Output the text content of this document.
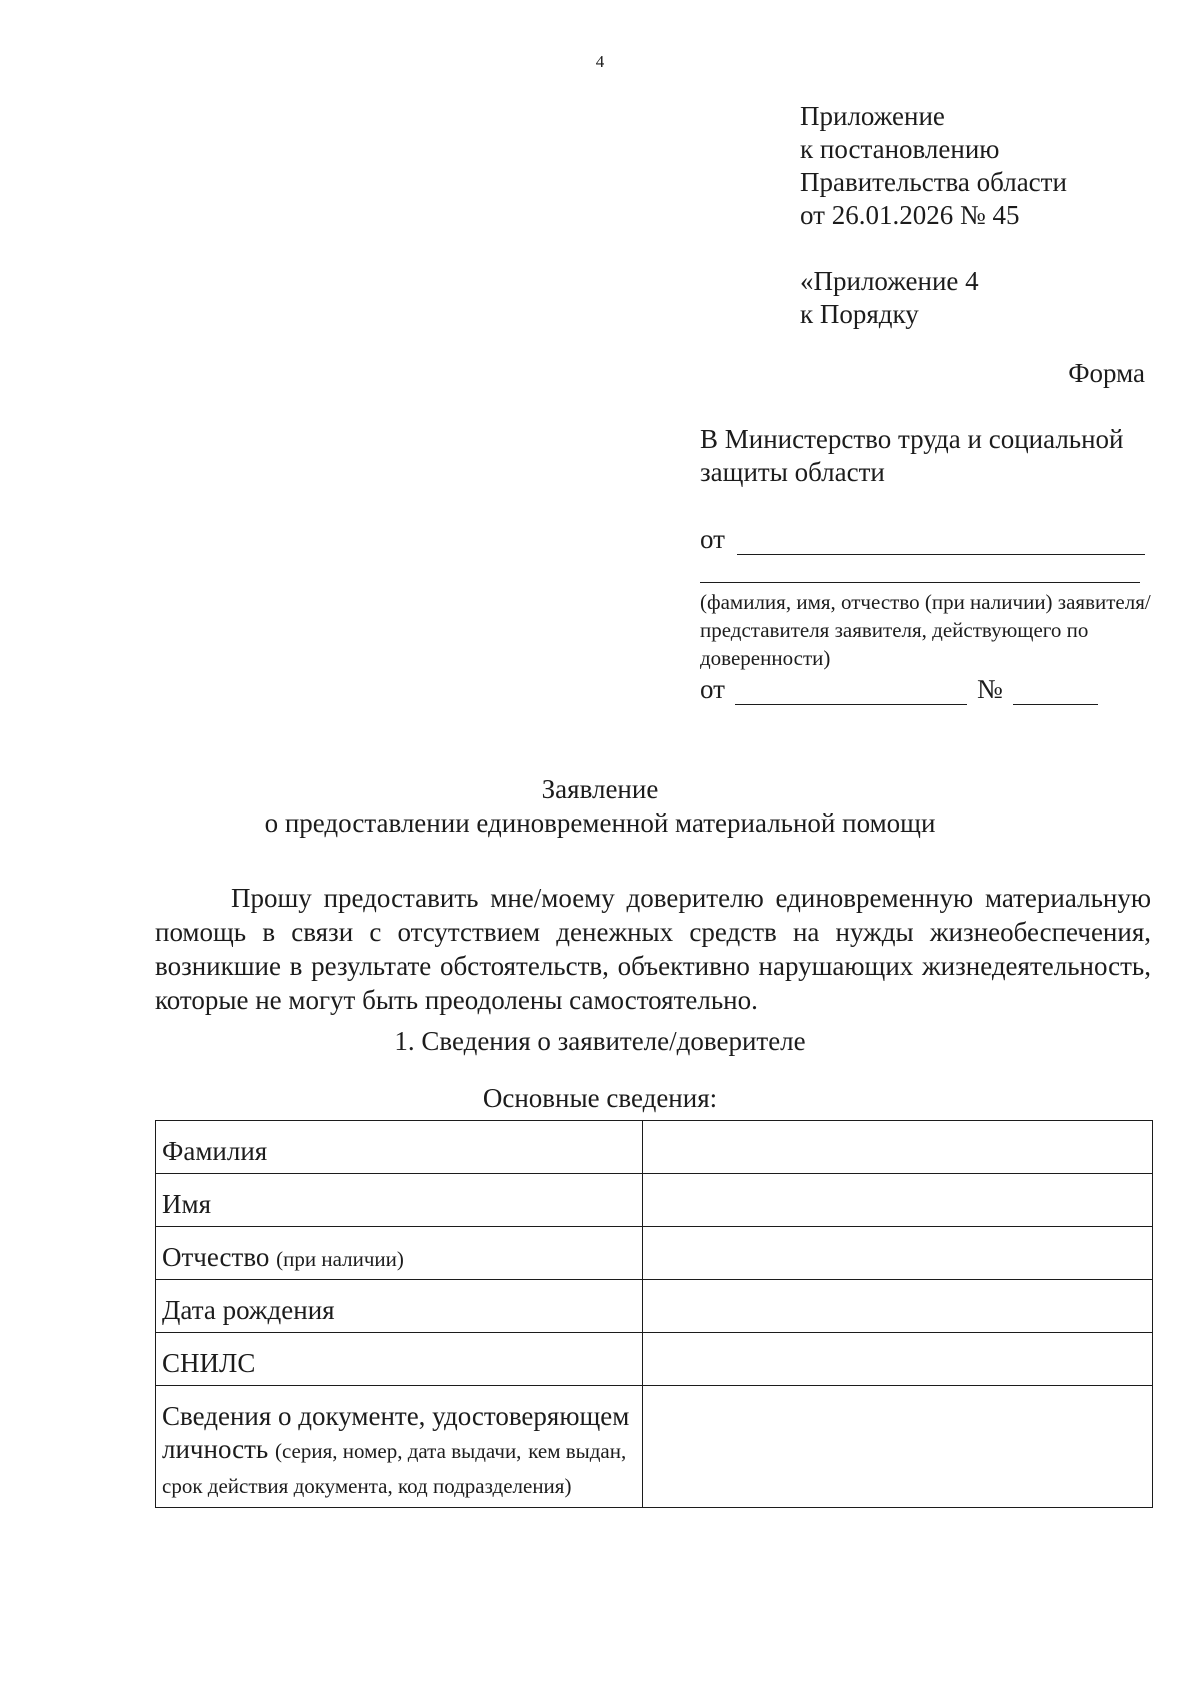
4
Приложение
к постановлению
Правительства области
от 26.01.2026 № 45
«Приложение 4
к Порядку
Форма
В Министерство труда и социальной защиты области
от
(фамилия, имя, отчество (при наличии) заявителя/представителя заявителя, действующего по доверенности)
от	№
Заявление
о предоставлении единовременной материальной помощи
Прошу предоставить мне/моему доверителю единовременную материальную помощь в связи с отсутствием денежных средств на нужды жизнеобеспечения, возникшие в результате обстоятельств, объективно нарушающих жизнедеятельность, которые не могут быть преодолены самостоятельно.
1. Сведения о заявителе/доверителе
Основные сведения:
Фамилия	
Имя	
Отчество (при наличии)	
Дата рождения	
СНИЛС	
Сведения о документе, удостоверяющем личность (серия, номер, дата выдачи, кем выдан, срок действия документа, код подразделения)	
